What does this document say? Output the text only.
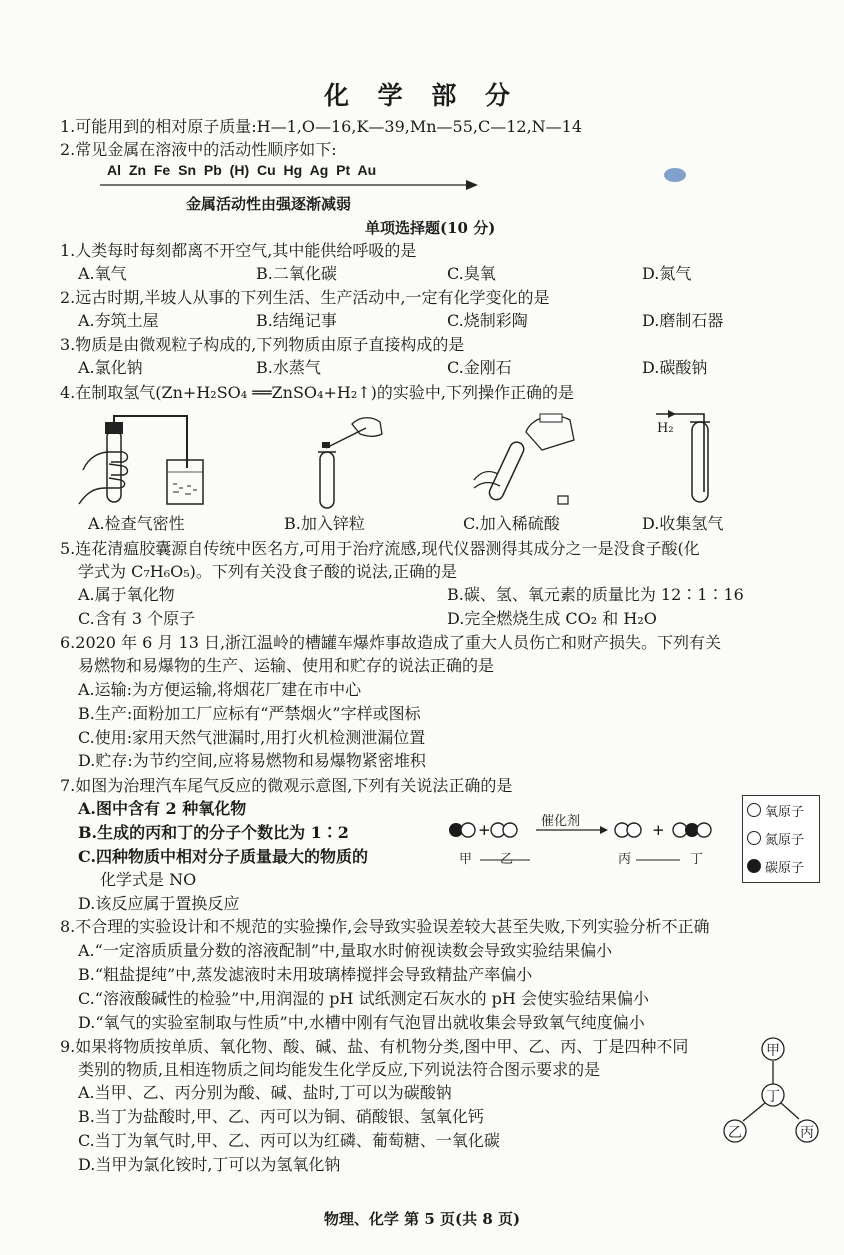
化 学 部 分
1.可能用到的相对原子质量:H—1,O—16,K—39,Mn—55,C—12,N—14
2.常见金属在溶液中的活动性顺序如下:
Al Zn Fe Sn Pb (H) Cu Hg Ag Pt Au
金属活动性由强逐渐减弱
单项选择题(10 分)
1.人类每时每刻都离不开空气,其中能供给呼吸的是
A.氧气	B.二氧化碳	C.臭氧	D.氮气
2.远古时期,半坡人从事的下列生活、生产活动中,一定有化学变化的是
A.夯筑土屋	B.结绳记事	C.烧制彩陶	D.磨制石器
3.物质是由微观粒子构成的,下列物质由原子直接构成的是
A.氯化钠	B.水蒸气	C.金刚石	D.碳酸钠
4.在制取氢气(Zn+H₂SO₄ ══ZnSO₄+H₂↑)的实验中,下列操作正确的是
A.检查气密性	B.加入锌粒	C.加入稀硫酸
H₂
D.收集氢气
5.连花清瘟胶囊源自传统中医名方,可用于治疗流感,现代仪器测得其成分之一是没食子酸(化
学式为 C₇H₆O₅)。下列有关没食子酸的说法,正确的是
A.属于氧化物	B.碳、氢、氧元素的质量比为 12∶1∶16
C.含有 3 个原子	D.完全燃烧生成 CO₂ 和 H₂O
6.2020 年 6 月 13 日,浙江温岭的槽罐车爆炸事故造成了重大人员伤亡和财产损失。下列有关
易燃物和易爆物的生产、运输、使用和贮存的说法正确的是
A.运输:为方便运输,将烟花厂建在市中心
B.生产:面粉加工厂应标有“严禁烟火”字样或图标
C.使用:家用天然气泄漏时,用打火机检测泄漏位置
D.贮存:为节约空间,应将易燃物和易爆物紧密堆积
7.如图为治理汽车尾气反应的微观示意图,下列有关说法正确的是
A.图中含有 2 种氧化物
B.生成的丙和丁的分子个数比为 1∶2
C.四种物质中相对分子质量最大的物质的
化学式是 NO
D.该反应属于置换反应
+	+
催化剂
甲 乙	丙	丁
氧原子
氮原子
碳原子
8.不合理的实验设计和不规范的实验操作,会导致实验误差较大甚至失败,下列实验分析不正确
A.“一定溶质质量分数的溶液配制”中,量取水时俯视读数会导致实验结果偏小
B.“粗盐提纯”中,蒸发滤液时未用玻璃棒搅拌会导致精盐产率偏小
C.“溶液酸碱性的检验”中,用润湿的 pH 试纸测定石灰水的 pH 会使实验结果偏小
D.“氧气的实验室制取与性质”中,水槽中刚有气泡冒出就收集会导致氧气纯度偏小
9.如果将物质按单质、氧化物、酸、碱、盐、有机物分类,图中甲、乙、丙、丁是四种不同
类别的物质,且相连物质之间均能发生化学反应,下列说法符合图示要求的是
A.当甲、乙、丙分别为酸、碱、盐时,丁可以为碳酸钠
B.当丁为盐酸时,甲、乙、丙可以为铜、硝酸银、氢氧化钙
C.当丁为氧气时,甲、乙、丙可以为红磷、葡萄糖、一氧化碳
D.当甲为氯化铵时,丁可以为氢氧化钠
甲
丁
乙	丙
物理、化学 第 5 页(共 8 页)
